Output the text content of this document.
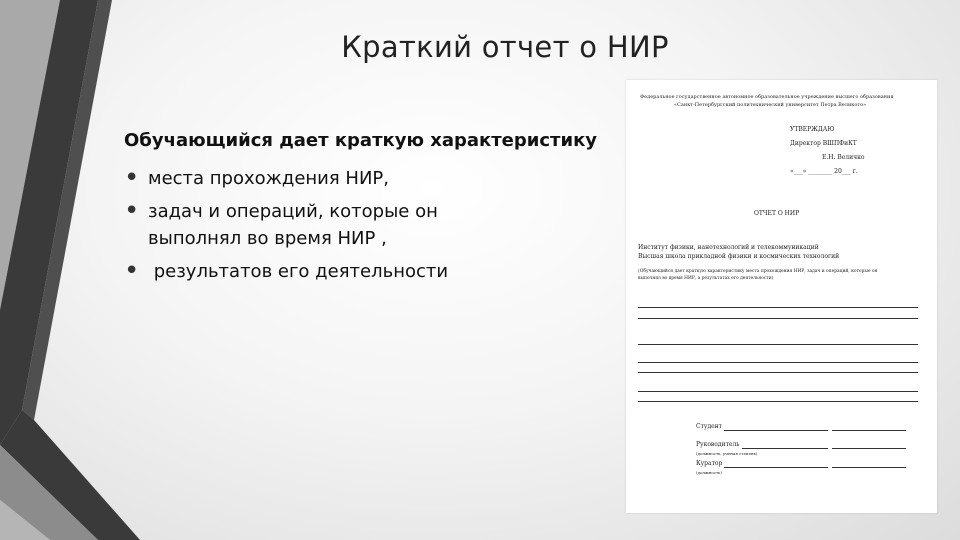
Краткий отчет о НИР
Обучающийся дает краткую характеристику
• места прохождения НИР,
• задач и операций, которые он
выполнял во время НИР ,
• результатов его деятельности
Федеральное государственное автономное образовательное учреждение высшего образования
«Санкт-Петербургский политехнический университет Петра Великого»
УТВЕРЖДАЮ
Директор ВШПФиКТ
Е.Н. Величко
«___» ________ 20___ г.
ОТЧЕТ О НИР
Институт физики, нанотехнологий и телекоммуникаций
Высшая школа прикладной физики и космических технологий
(Обучающийся дает краткую характеристику места прохождения НИР, задач и операций, которые он
выполнял во время НИР, а результатах его деятельности)
Студент
Руководитель
(должность, ученая степень)
Куратор
(должность)
